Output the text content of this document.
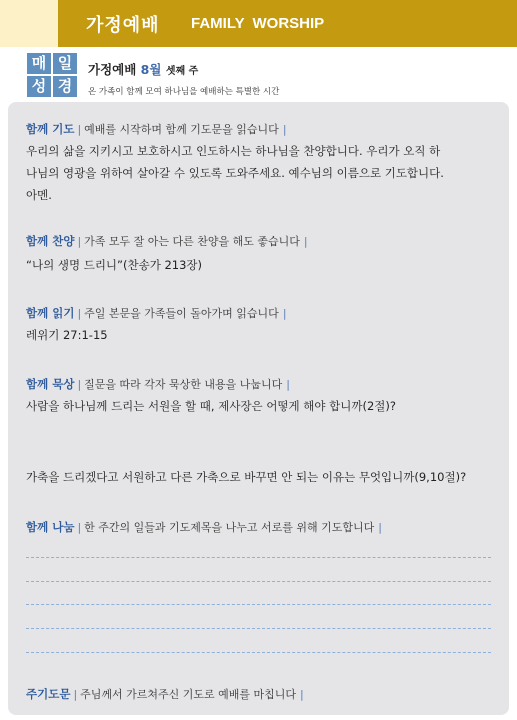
가정예배 FAMILY WORSHIP
매 일
성 경
가정예배 8월 셋째 주
온 가족이 함께 모여 하나님을 예배하는 특별한 시간
함께 기도 | 예배를 시작하며 함께 기도문을 읽습니다 |
우리의 삶을 지키시고 보호하시고 인도하시는 하나님을 찬양합니다. 우리가 오직 하
나님의 영광을 위하여 살아갈 수 있도록 도와주세요. 예수님의 이름으로 기도합니다.
아멘.
함께 찬양 | 가족 모두 잘 아는 다른 찬양을 해도 좋습니다 |
“나의 생명 드리니”(찬송가 213장)
함께 읽기 | 주일 본문을 가족들이 돌아가며 읽습니다 |
레위기 27:1-15
함께 묵상 | 질문을 따라 각자 묵상한 내용을 나눕니다 |
사람을 하나님께 드리는 서원을 할 때, 제사장은 어떻게 해야 합니까(2절)?
가축을 드리겠다고 서원하고 다른 가축으로 바꾸면 안 되는 이유는 무엇입니까(9,10절)?
함께 나눔 | 한 주간의 일들과 기도제목을 나누고 서로를 위해 기도합니다 |
주기도문 | 주님께서 가르쳐주신 기도로 예배를 마칩니다 |
